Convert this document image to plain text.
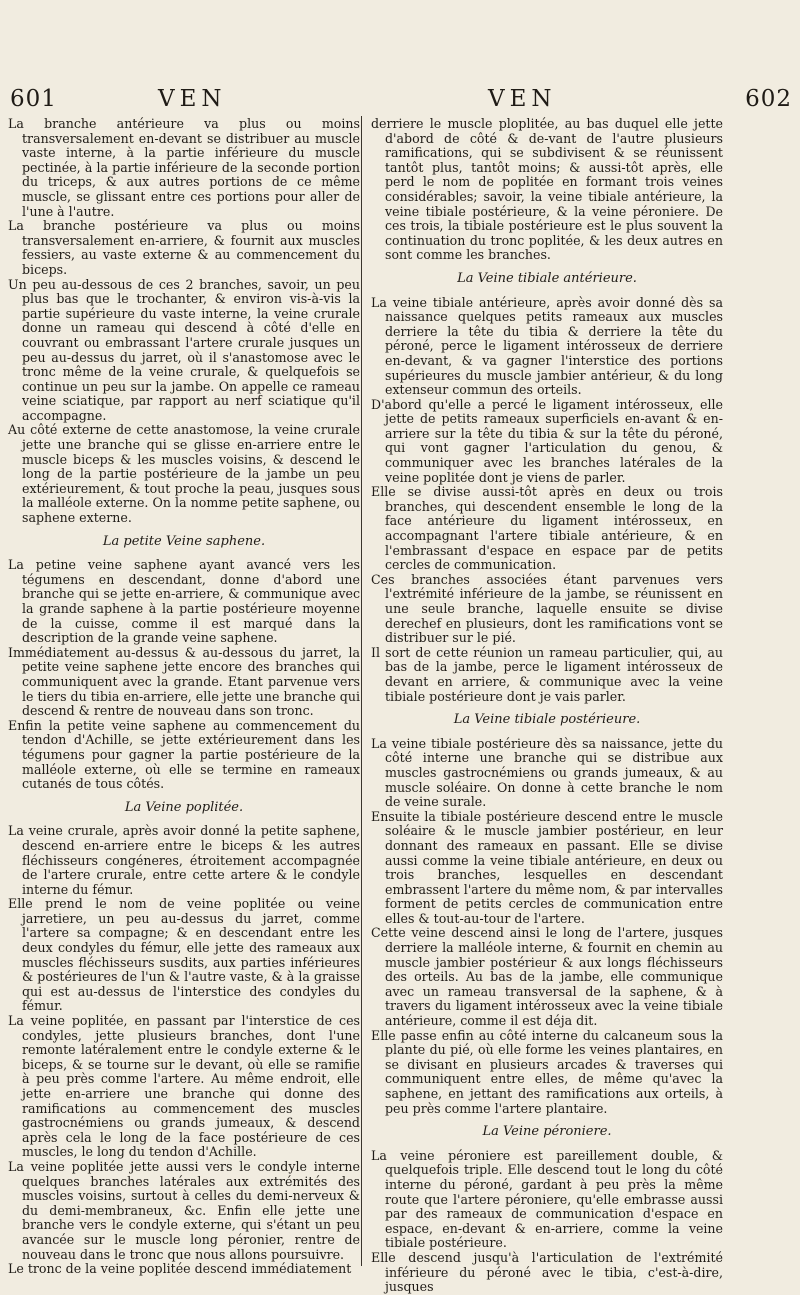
601	VEN	VEN	602

La branche antérieure va plus ou moins transversalement en-devant se distribuer au muscle vaste interne, à la partie inférieure du muscle pectinée, à la partie inférieure de la seconde portion du triceps, & aux autres portions de ce même muscle, se glissant entre ces portions pour aller de l'une à l'autre.

La branche postérieure va plus ou moins transversalement en-arriere, & fournit aux muscles fessiers, au vaste externe & au commencement du biceps.

Un peu au-dessous de ces 2 branches, savoir, un peu plus bas que le trochanter, & environ vis-à-vis la partie supérieure du vaste interne, la veine crurale donne un rameau qui descend à côté d'elle en couvrant ou embrassant l'artere crurale jusques un peu au-dessus du jarret, où il s'anastomose avec le tronc même de la veine crurale, & quelquefois se continue un peu sur la jambe. On appelle ce rameau veine sciatique, par rapport au nerf sciatique qu'il accompagne.

Au côté externe de cette anastomose, la veine crurale jette une branche qui se glisse en-arriere entre le muscle biceps & les muscles voisins, & descend le long de la partie postérieure de la jambe un peu extérieurement, & tout proche la peau, jusques sous la malléole externe. On la nomme petite saphene, ou saphene externe.

La petite Veine saphene.

La petine veine saphene ayant avancé vers les tégumens en descendant, donne d'abord une branche qui se jette en-arriere, & communique avec la grande saphene à la partie postérieure moyenne de la cuisse, comme il est marqué dans la description de la grande veine saphene.

Immédiatement au-dessus & au-dessous du jarret, la petite veine saphene jette encore des branches qui communiquent avec la grande. Etant parvenue vers le tiers du tibia en-arriere, elle jette une branche qui descend & rentre de nouveau dans son tronc.

Enfin la petite veine saphene au commencement du tendon d'Achille, se jette extérieurement dans les tégumens pour gagner la partie postérieure de la malléole externe, où elle se termine en rameaux cutanés de tous côtés.

La Veine poplitée.

La veine crurale, après avoir donné la petite saphene, descend en-arriere entre le biceps & les autres fléchisseurs congéneres, étroitement accompagnée de l'artere crurale, entre cette artere & le condyle interne du fémur.

Elle prend le nom de veine poplitée ou veine jarretiere, un peu au-dessus du jarret, comme l'artere sa compagne; & en descendant entre les deux condyles du fémur, elle jette des rameaux aux muscles fléchisseurs susdits, aux parties inférieures & postérieures de l'un & l'autre vaste, & à la graisse qui est au-dessus de l'interstice des condyles du fémur.

La veine poplitée, en passant par l'interstice de ces condyles, jette plusieurs branches, dont l'une remonte latéralement entre le condyle externe & le biceps, & se tourne sur le devant, où elle se ramifie à peu près comme l'artere. Au même endroit, elle jette en-arriere une branche qui donne des ramifications au commencement des muscles gastrocnémiens ou grands jumeaux, & descend après cela le long de la face postérieure de ces muscles, le long du tendon d'Achille.

La veine poplitée jette aussi vers le condyle interne quelques branches latérales aux extrémités des muscles voisins, surtout à celles du demi-nerveux & du demi-membraneux, &c. Enfin elle jette une branche vers le condyle externe, qui s'étant un peu avancée sur le muscle long péronier, rentre de nouveau dans le tronc que nous allons poursuivre.

Le tronc de la veine poplitée descend immédiatement

derriere le muscle ploplitée, au bas duquel elle jette d'abord de côté & de-vant de l'autre plusieurs ramifications, qui se subdivisent & se réunissent tantôt plus, tantôt moins; & aussi-tôt après, elle perd le nom de poplitée en formant trois veines considérables; savoir, la veine tibiale antérieure, la veine tibiale postérieure, & la veine péroniere. De ces trois, la tibiale postérieure est le plus souvent la continuation du tronc poplitée, & les deux autres en sont comme les branches.

La Veine tibiale antérieure.

La veine tibiale antérieure, après avoir donné dès sa naissance quelques petits rameaux aux muscles derriere la tête du tibia & derriere la tête du péroné, perce le ligament intérosseux de derriere en-devant, & va gagner l'interstice des portions supérieures du muscle jambier antérieur, & du long extenseur commun des orteils.

D'abord qu'elle a percé le ligament intérosseux, elle jette de petits rameaux superficiels en-avant & en-arriere sur la tête du tibia & sur la tête du péroné, qui vont gagner l'articulation du genou, & communiquer avec les branches latérales de la veine poplitée dont je viens de parler.

Elle se divise aussi-tôt après en deux ou trois branches, qui descendent ensemble le long de la face antérieure du ligament intérosseux, en accompagnant l'artere tibiale antérieure, & en l'embrassant d'espace en espace par de petits cercles de communication.

Ces branches associées étant parvenues vers l'extrémité inférieure de la jambe, se réunissent en une seule branche, laquelle ensuite se divise derechef en plusieurs, dont les ramifications vont se distribuer sur le pié.

Il sort de cette réunion un rameau particulier, qui, au bas de la jambe, perce le ligament intérosseux de devant en arriere, & communique avec la veine tibiale postérieure dont je vais parler.

La Veine tibiale postérieure.

La veine tibiale postérieure dès sa naissance, jette du côté interne une branche qui se distribue aux muscles gastrocnémiens ou grands jumeaux, & au muscle soléaire. On donne à cette branche le nom de veine surale.

Ensuite la tibiale postérieure descend entre le muscle soléaire & le muscle jambier postérieur, en leur donnant des rameaux en passant. Elle se divise aussi comme la veine tibiale antérieure, en deux ou trois branches, lesquelles en descendant embrassent l'artere du même nom, & par intervalles forment de petits cercles de communication entre elles & tout-au-tour de l'artere.

Cette veine descend ainsi le long de l'artere, jusques derriere la malléole interne, & fournit en chemin au muscle jambier postérieur & aux longs fléchisseurs des orteils. Au bas de la jambe, elle communique avec un rameau transversal de la saphene, & à travers du ligament intérosseux avec la veine tibiale antérieure, comme il est déja dit.

Elle passe enfin au côté interne du calcaneum sous la plante du pié, où elle forme les veines plantaires, en se divisant en plusieurs arcades & traverses qui communiquent entre elles, de même qu'avec la saphene, en jettant des ramifications aux orteils, à peu près comme l'artere plantaire.

La Veine péroniere.

La veine péroniere est pareillement double, & quelquefois triple. Elle descend tout le long du côté interne du péroné, gardant à peu près la même route que l'artere péroniere, qu'elle embrasse aussi par des rameaux de communication d'espace en espace, en-devant & en-arriere, comme la veine tibiale postérieure.

Elle descend jusqu'à l'articulation de l'extrémité inférieure du péroné avec le tibia, c'est-à-dire, jusques
